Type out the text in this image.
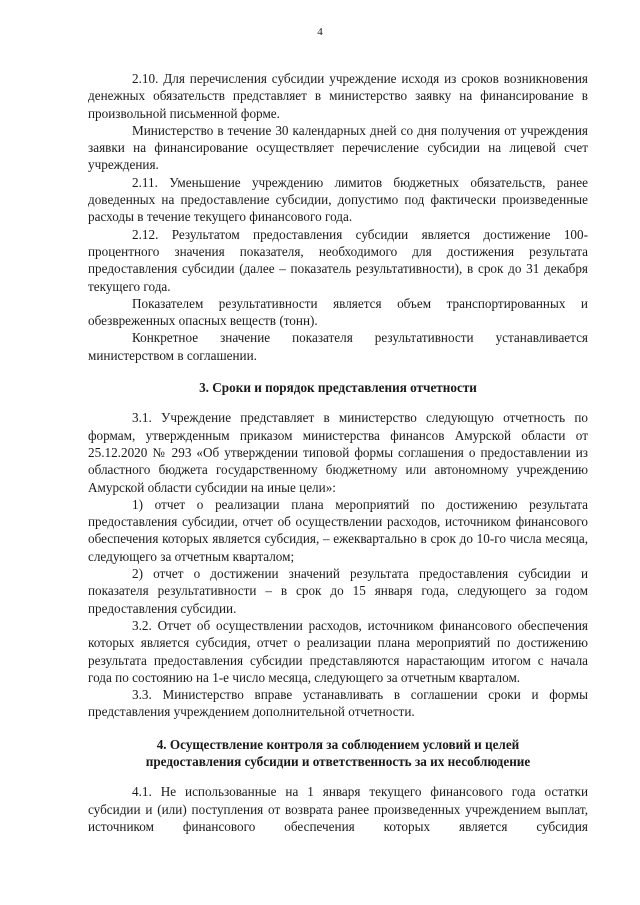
4

2.10. Для перечисления субсидии учреждение исходя из сроков возникновения денежных обязательств представляет в министерство заявку на финансирование в произвольной письменной форме.

Министерство в течение 30 календарных дней со дня получения от учреждения заявки на финансирование осуществляет перечисление субсидии на лицевой счет учреждения.

2.11. Уменьшение учреждению лимитов бюджетных обязательств, ранее доведенных на предоставление субсидии, допустимо под фактически произведенные расходы в течение текущего финансового года.

2.12. Результатом предоставления субсидии является достижение 100-процентного значения показателя, необходимого для достижения результата предоставления субсидии (далее – показатель результативности), в срок до 31 декабря текущего года.

Показателем результативности является объем транспортированных и обезвреженных опасных веществ (тонн).

Конкретное значение показателя результативности устанавливается министерством в соглашении.

3. Сроки и порядок представления отчетности

3.1. Учреждение представляет в министерство следующую отчетность по формам, утвержденным приказом министерства финансов Амурской области от 25.12.2020 № 293 «Об утверждении типовой формы соглашения о предоставлении из областного бюджета государственному бюджетному или автономному учреждению Амурской области субсидии на иные цели»:

1) отчет о реализации плана мероприятий по достижению результата предоставления субсидии, отчет об осуществлении расходов, источником финансового обеспечения которых является субсидия, – ежеквартально в срок до 10-го числа месяца, следующего за отчетным кварталом;

2) отчет о достижении значений результата предоставления субсидии и показателя результативности – в срок до 15 января года, следующего за годом предоставления субсидии.

3.2. Отчет об осуществлении расходов, источником финансового обеспечения которых является субсидия, отчет о реализации плана мероприятий по достижению результата предоставления субсидии представляются нарастающим итогом с начала года по состоянию на 1-е число месяца, следующего за отчетным кварталом.

3.3. Министерство вправе устанавливать в соглашении сроки и формы представления учреждением дополнительной отчетности.

4. Осуществление контроля за соблюдением условий и целей

предоставления субсидии и ответственность за их несоблюдение

4.1. Не использованные на 1 января текущего финансового года остатки субсидии и (или) поступления от возврата ранее произведенных учреждением выплат, источником финансового обеспечения которых является субсидия
